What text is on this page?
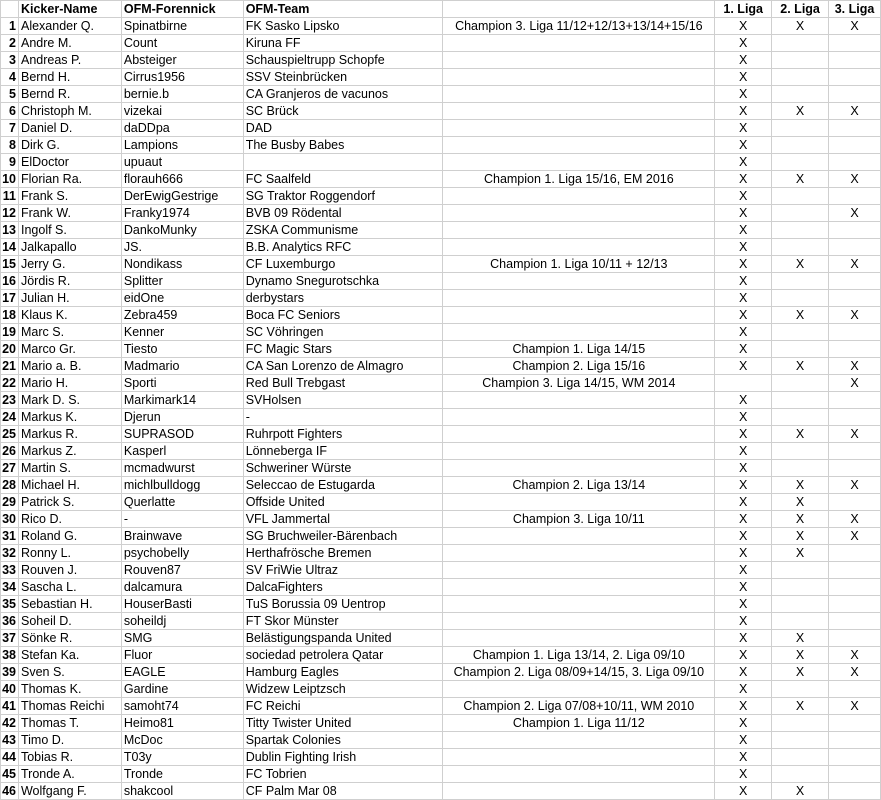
	Kicker-Name	OFM-Forennick	OFM-Team		1. Liga	2. Liga	3. Liga
1	Alexander Q.	Spinatbirne	FK Sasko Lipsko	Champion 3. Liga 11/12+12/13+13/14+15/16	X	X	X
2	Andre M.	Count	Kiruna FF		X		
3	Andreas P.	Absteiger	Schauspieltrupp Schopfe		X		
4	Bernd H.	Cirrus1956	SSV Steinbrücken		X		
5	Bernd R.	bernie.b	CA Granjeros de vacunos		X		
6	Christoph M.	vizekai	SC Brück		X	X	X
7	Daniel D.	daDDpa	DAD		X		
8	Dirk G.	Lampions	The Busby Babes		X		
9	ElDoctor	upuaut			X		
10	Florian Ra.	florauh666	FC Saalfeld	Champion 1. Liga 15/16, EM 2016	X	X	X
11	Frank S.	DerEwigGestrige	SG Traktor Roggendorf		X		
12	Frank W.	Franky1974	BVB 09 Rödental		X		X
13	Ingolf S.	DankoMunky	ZSKA Communisme		X		
14	Jalkapallo	JS.	B.B. Analytics RFC		X		
15	Jerry G.	Nondikass	CF Luxemburgo	Champion 1. Liga 10/11 + 12/13	X	X	X
16	Jördis R.	Splitter	Dynamo Snegurotschka		X		
17	Julian H.	eidOne	derbystars		X		
18	Klaus K.	Zebra459	Boca FC Seniors		X	X	X
19	Marc S.	Kenner	SC Vöhringen		X		
20	Marco Gr.	Tiesto	FC Magic Stars	Champion 1. Liga 14/15	X		
21	Mario a. B.	Madmario	CA San Lorenzo de Almagro	Champion 2. Liga 15/16	X	X	X
22	Mario H.	Sporti	Red Bull Trebgast	Champion 3. Liga 14/15, WM 2014			X
23	Mark D. S.	Markimark14	SVHolsen		X		
24	Markus K.	Djerun	-		X		
25	Markus R.	SUPRASOD	Ruhrpott Fighters		X	X	X
26	Markus Z.	Kasperl	Lönneberga IF		X		
27	Martin S.	mcmadwurst	Schweriner Würste		X		
28	Michael H.	michlbulldogg	Seleccao de Estugarda	Champion 2. Liga 13/14	X	X	X
29	Patrick S.	Querlatte	Offside United		X	X	
30	Rico D.	-	VFL Jammertal	Champion 3. Liga 10/11	X	X	X
31	Roland G.	Brainwave	SG Bruchweiler-Bärenbach		X	X	X
32	Ronny L.	psychobelly	Herthafrösche Bremen		X	X	
33	Rouven J.	Rouven87	SV FriWie Ultraz		X		
34	Sascha L.	dalcamura	DalcaFighters		X		
35	Sebastian H.	HouserBasti	TuS Borussia 09 Uentrop		X		
36	Soheil D.	soheildj	FT Skor Münster		X		
37	Sönke R.	SMG	Belästigungspanda United		X	X	
38	Stefan Ka.	Fluor	sociedad petrolera Qatar	Champion 1. Liga 13/14, 2. Liga 09/10	X	X	X
39	Sven S.	EAGLE	Hamburg Eagles	Champion 2. Liga 08/09+14/15, 3. Liga 09/10	X	X	X
40	Thomas K.	Gardine	Widzew Leiptzsch		X		
41	Thomas Reichi	samoht74	FC Reichi	Champion 2. Liga 07/08+10/11, WM 2010	X	X	X
42	Thomas T.	Heimo81	Titty Twister United	Champion 1. Liga 11/12	X		
43	Timo D.	McDoc	Spartak Colonies		X		
44	Tobias R.	T03y	Dublin Fighting Irish		X		
45	Tronde A.	Tronde	FC Tobrien		X		
46	Wolfgang F.	shakcool	CF Palm Mar 08		X	X	
